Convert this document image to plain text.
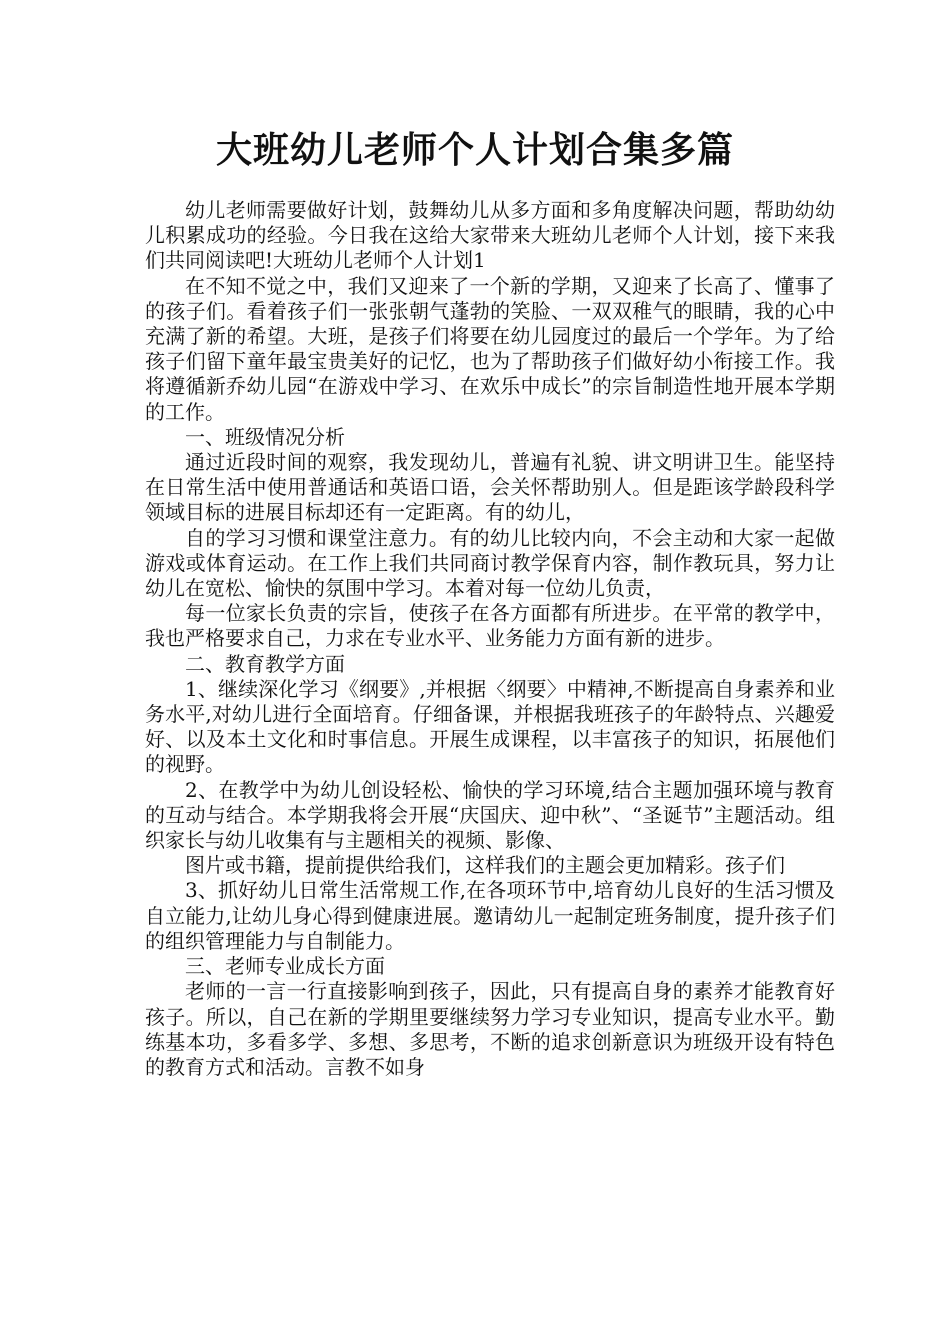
大班幼儿老师个人计划合集多篇

幼儿老师需要做好计划，鼓舞幼儿从多方面和多角度解决问题，帮助幼幼儿积累成功的经验。今日我在这给大家带来大班幼儿老师个人计划，接下来我们共同阅读吧!大班幼儿老师个人计划1

在不知不觉之中，我们又迎来了一个新的学期，又迎来了长高了、懂事了的孩子们。看着孩子们一张张朝气蓬勃的笑脸、一双双稚气的眼睛，我的心中充满了新的希望。大班，是孩子们将要在幼儿园度过的最后一个学年。为了给孩子们留下童年最宝贵美好的记忆，也为了帮助孩子们做好幼小衔接工作。我将遵循新乔幼儿园“在游戏中学习、在欢乐中成长”的宗旨制造性地开展本学期的工作。

一、班级情况分析

通过近段时间的观察，我发现幼儿，普遍有礼貌、讲文明讲卫生。能坚持在日常生活中使用普通话和英语口语，会关怀帮助别人。但是距该学龄段科学领域目标的进展目标却还有一定距离。有的幼儿，

自的学习习惯和课堂注意力。有的幼儿比较内向，不会主动和大家一起做游戏或体育运动。在工作上我们共同商讨教学保育内容，制作教玩具，努力让幼儿在宽松、愉快的氛围中学习。本着对每一位幼儿负责，

每一位家长负责的宗旨，使孩子在各方面都有所进步。在平常的教学中，我也严格要求自己，力求在专业水平、业务能力方面有新的进步。

二、教育教学方面

1、继续深化学习《纲要》,并根据〈纲要〉中精神,不断提高自身素养和业务水平,对幼儿进行全面培育。仔细备课，并根据我班孩子的年龄特点、兴趣爱好、以及本土文化和时事信息。开展生成课程，以丰富孩子的知识，拓展他们的视野。

2、在教学中为幼儿创设轻松、愉快的学习环境,结合主题加强环境与教育的互动与结合。本学期我将会开展“庆国庆、迎中秋”、“圣诞节”主题活动。组织家长与幼儿收集有与主题相关的视频、影像、

图片或书籍，提前提供给我们，这样我们的主题会更加精彩。孩子们

3、抓好幼儿日常生活常规工作,在各项环节中,培育幼儿良好的生活习惯及自立能力,让幼儿身心得到健康进展。邀请幼儿一起制定班务制度，提升孩子们的组织管理能力与自制能力。

三、老师专业成长方面

老师的一言一行直接影响到孩子，因此，只有提高自身的素养才能教育好孩子。所以，自己在新的学期里要继续努力学习专业知识，提高专业水平。勤练基本功，多看多学、多想、多思考，不断的追求创新意识为班级开设有特色的教育方式和活动。言教不如身
